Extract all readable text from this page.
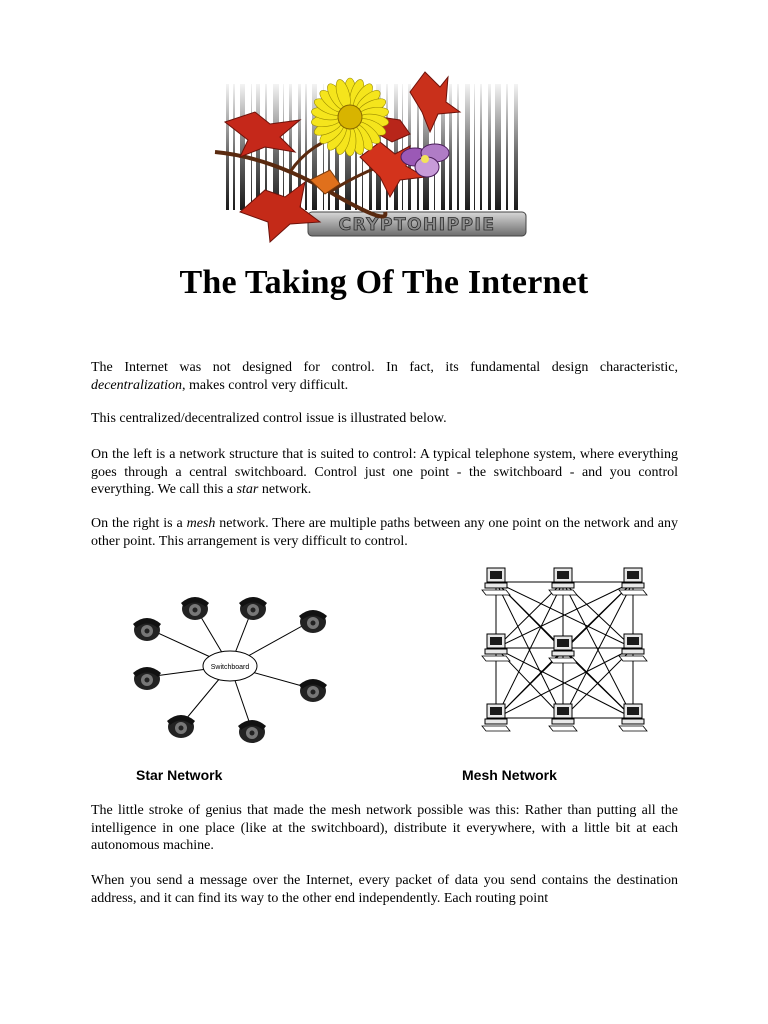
CRYPTOHIPPIE
The Taking Of The Internet

The Internet was not designed for control. In fact, its fundamental design characteristic, decentralization, makes control very difficult.

This centralized/decentralized control issue is illustrated below.

On the left is a network structure that is suited to control: A typical telephone system, where everything goes through a central switchboard. Control just one point - the switchboard - and you control everything. We call this a star network.

On the right is a mesh network. There are multiple paths between any one point on the network and any other point. This arrangement is very difficult to control.

Switchboard
Star Network	Mesh Network

The little stroke of genius that made the mesh network possible was this: Rather than putting all the intelligence in one place (like at the switchboard), distribute it everywhere, with a little bit at each autonomous machine.

When you send a message over the Internet, every packet of data you send contains the destination address, and it can find its way to the other end independently. Each routing point
